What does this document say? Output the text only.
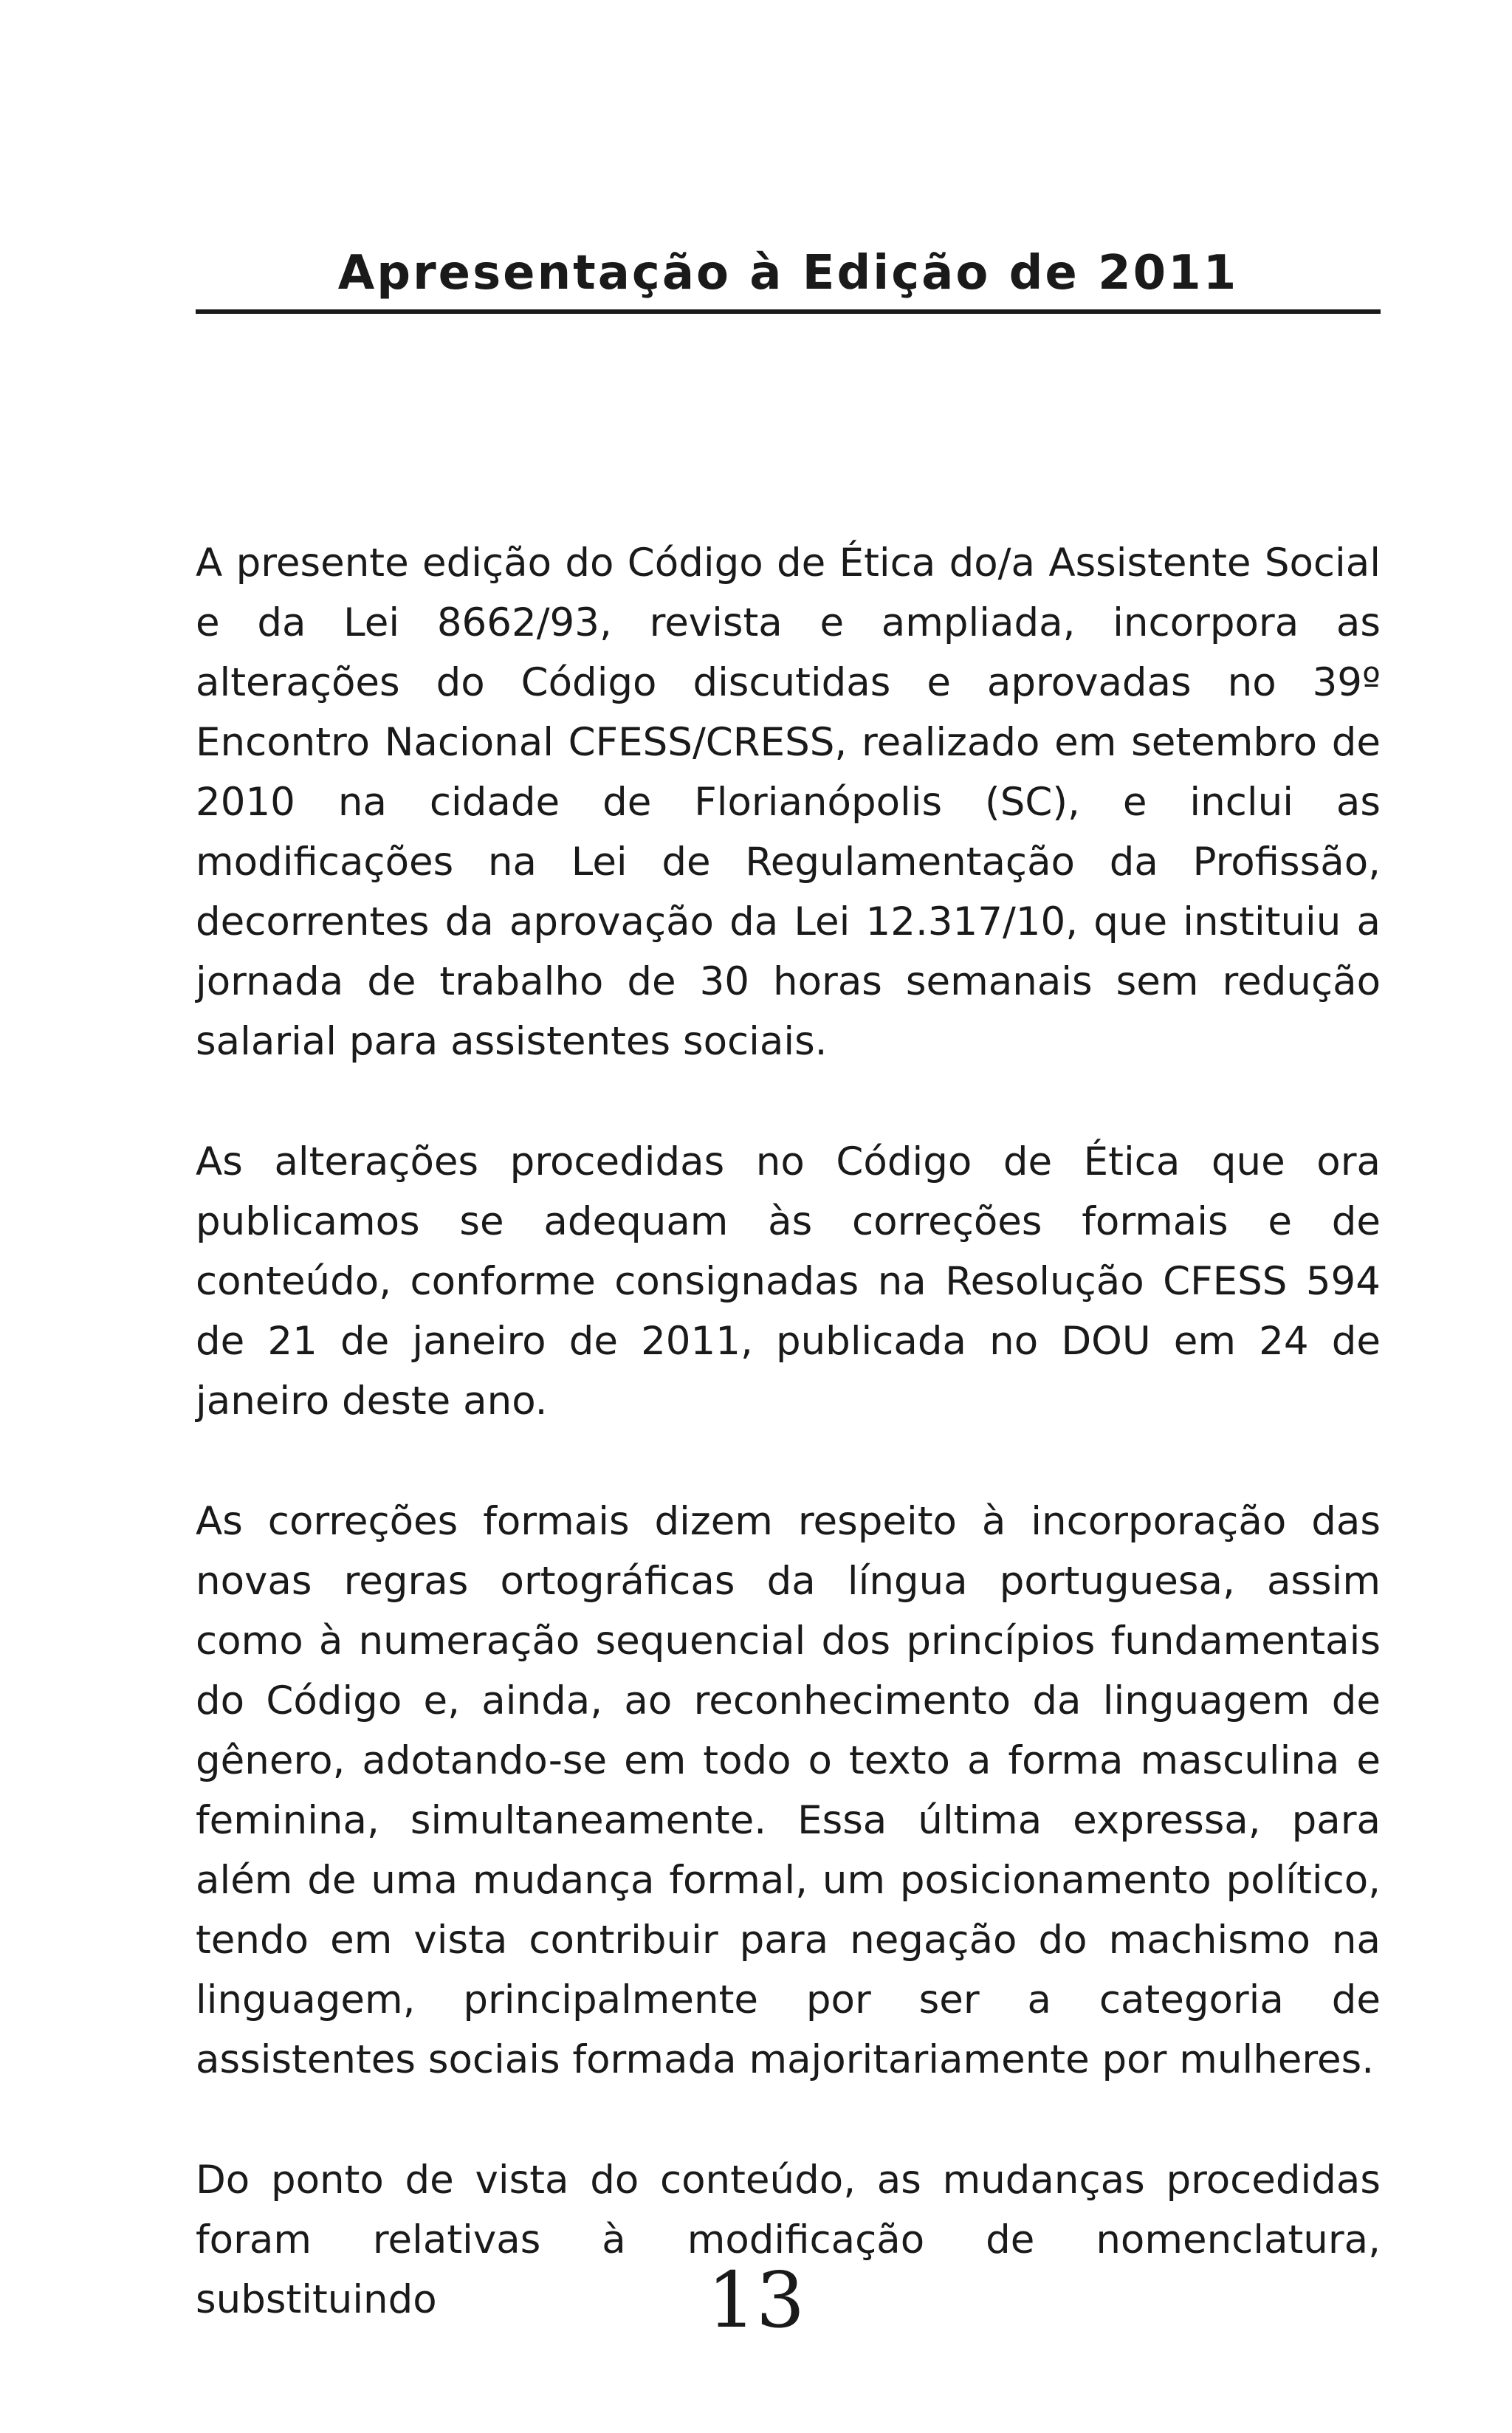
Apresentação à Edição de 2011

A presente edição do Código de Ética do/a Assistente Social e da Lei 8662/93, revista e ampliada, incorpora as alterações do Código discutidas e aprovadas no 39º Encontro Nacional CFESS/CRESS, realizado em setembro de 2010 na cidade de Florianópolis (SC), e inclui as modificações na Lei de Regulamentação da Profissão, decorrentes da aprovação da Lei 12.317/10, que instituiu a jornada de trabalho de 30 horas semanais sem redução salarial para assistentes sociais.

As alterações procedidas no Código de Ética que ora publicamos se adequam às correções formais e de conteúdo, conforme consignadas na Resolução CFESS 594 de 21 de janeiro de 2011, publicada no DOU em 24 de janeiro deste ano.

As correções formais dizem respeito à incorporação das novas regras ortográficas da língua portuguesa, assim como à numeração sequencial dos princípios fundamentais do Código e, ainda, ao reconhecimento da linguagem de gênero, adotando-se em todo o texto a forma masculina e feminina, simultaneamente. Essa última expressa, para além de uma mudança formal, um posicionamento político, tendo em vista contribuir para negação do machismo na linguagem, principalmente por ser a categoria de assistentes sociais formada majoritariamente por mulheres.

Do ponto de vista do conteúdo, as mudanças procedidas foram relativas à modificação de nomenclatura, substituindo	13
